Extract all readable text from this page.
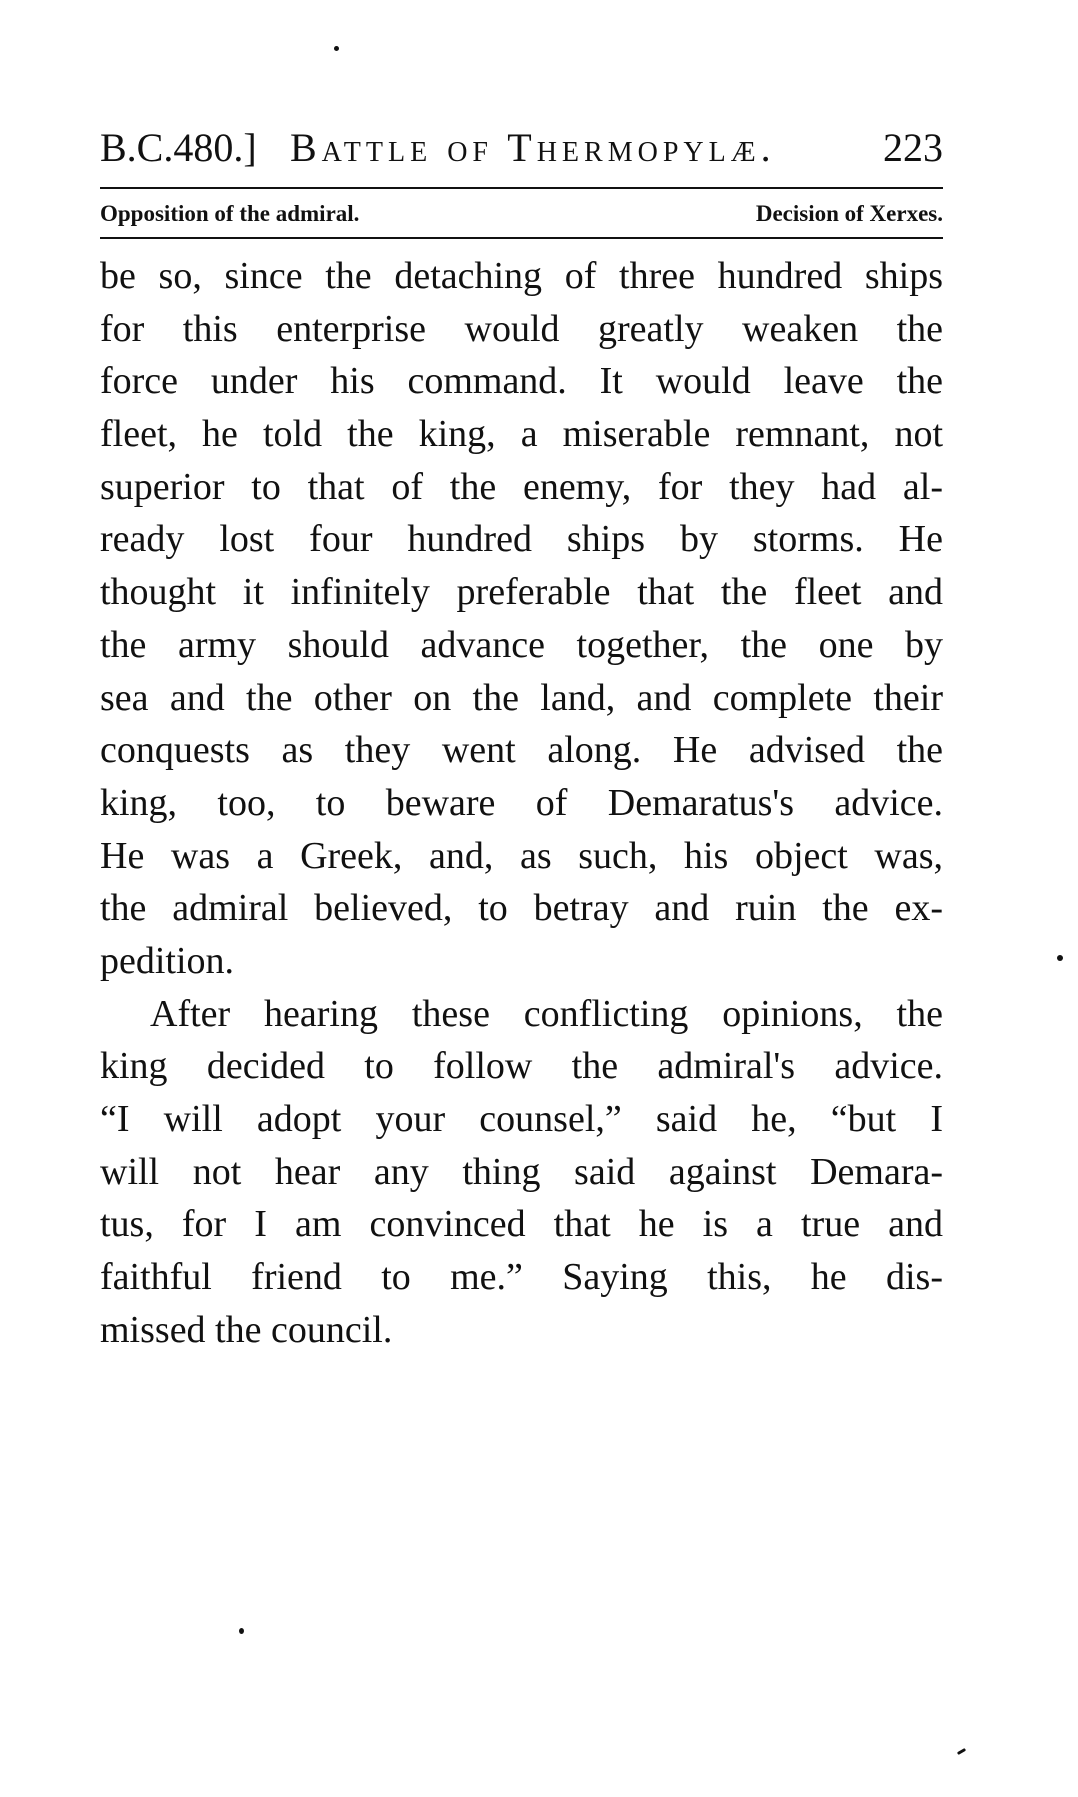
B.C.480.] Battle of Thermopylæ.	223
Opposition of the admiral.	Decision of Xerxes.
be so, since the detaching of three hundred ships
for this enterprise would greatly weaken the
force under his command. It would leave the
fleet, he told the king, a miserable remnant, not
superior to that of the enemy, for they had al-
ready lost four hundred ships by storms. He
thought it infinitely preferable that the fleet and
the army should advance together, the one by
sea and the other on the land, and complete their
conquests as they went along. He advised the
king, too, to beware of Demaratus's advice.
He was a Greek, and, as such, his object was,
the admiral believed, to betray and ruin the ex-
pedition.
After hearing these conflicting opinions, the
king decided to follow the admiral's advice.
“I will adopt your counsel,” said he, “but I
will not hear any thing said against Demara-
tus, for I am convinced that he is a true and
faithful friend to me.” Saying this, he dis-
missed the council.
